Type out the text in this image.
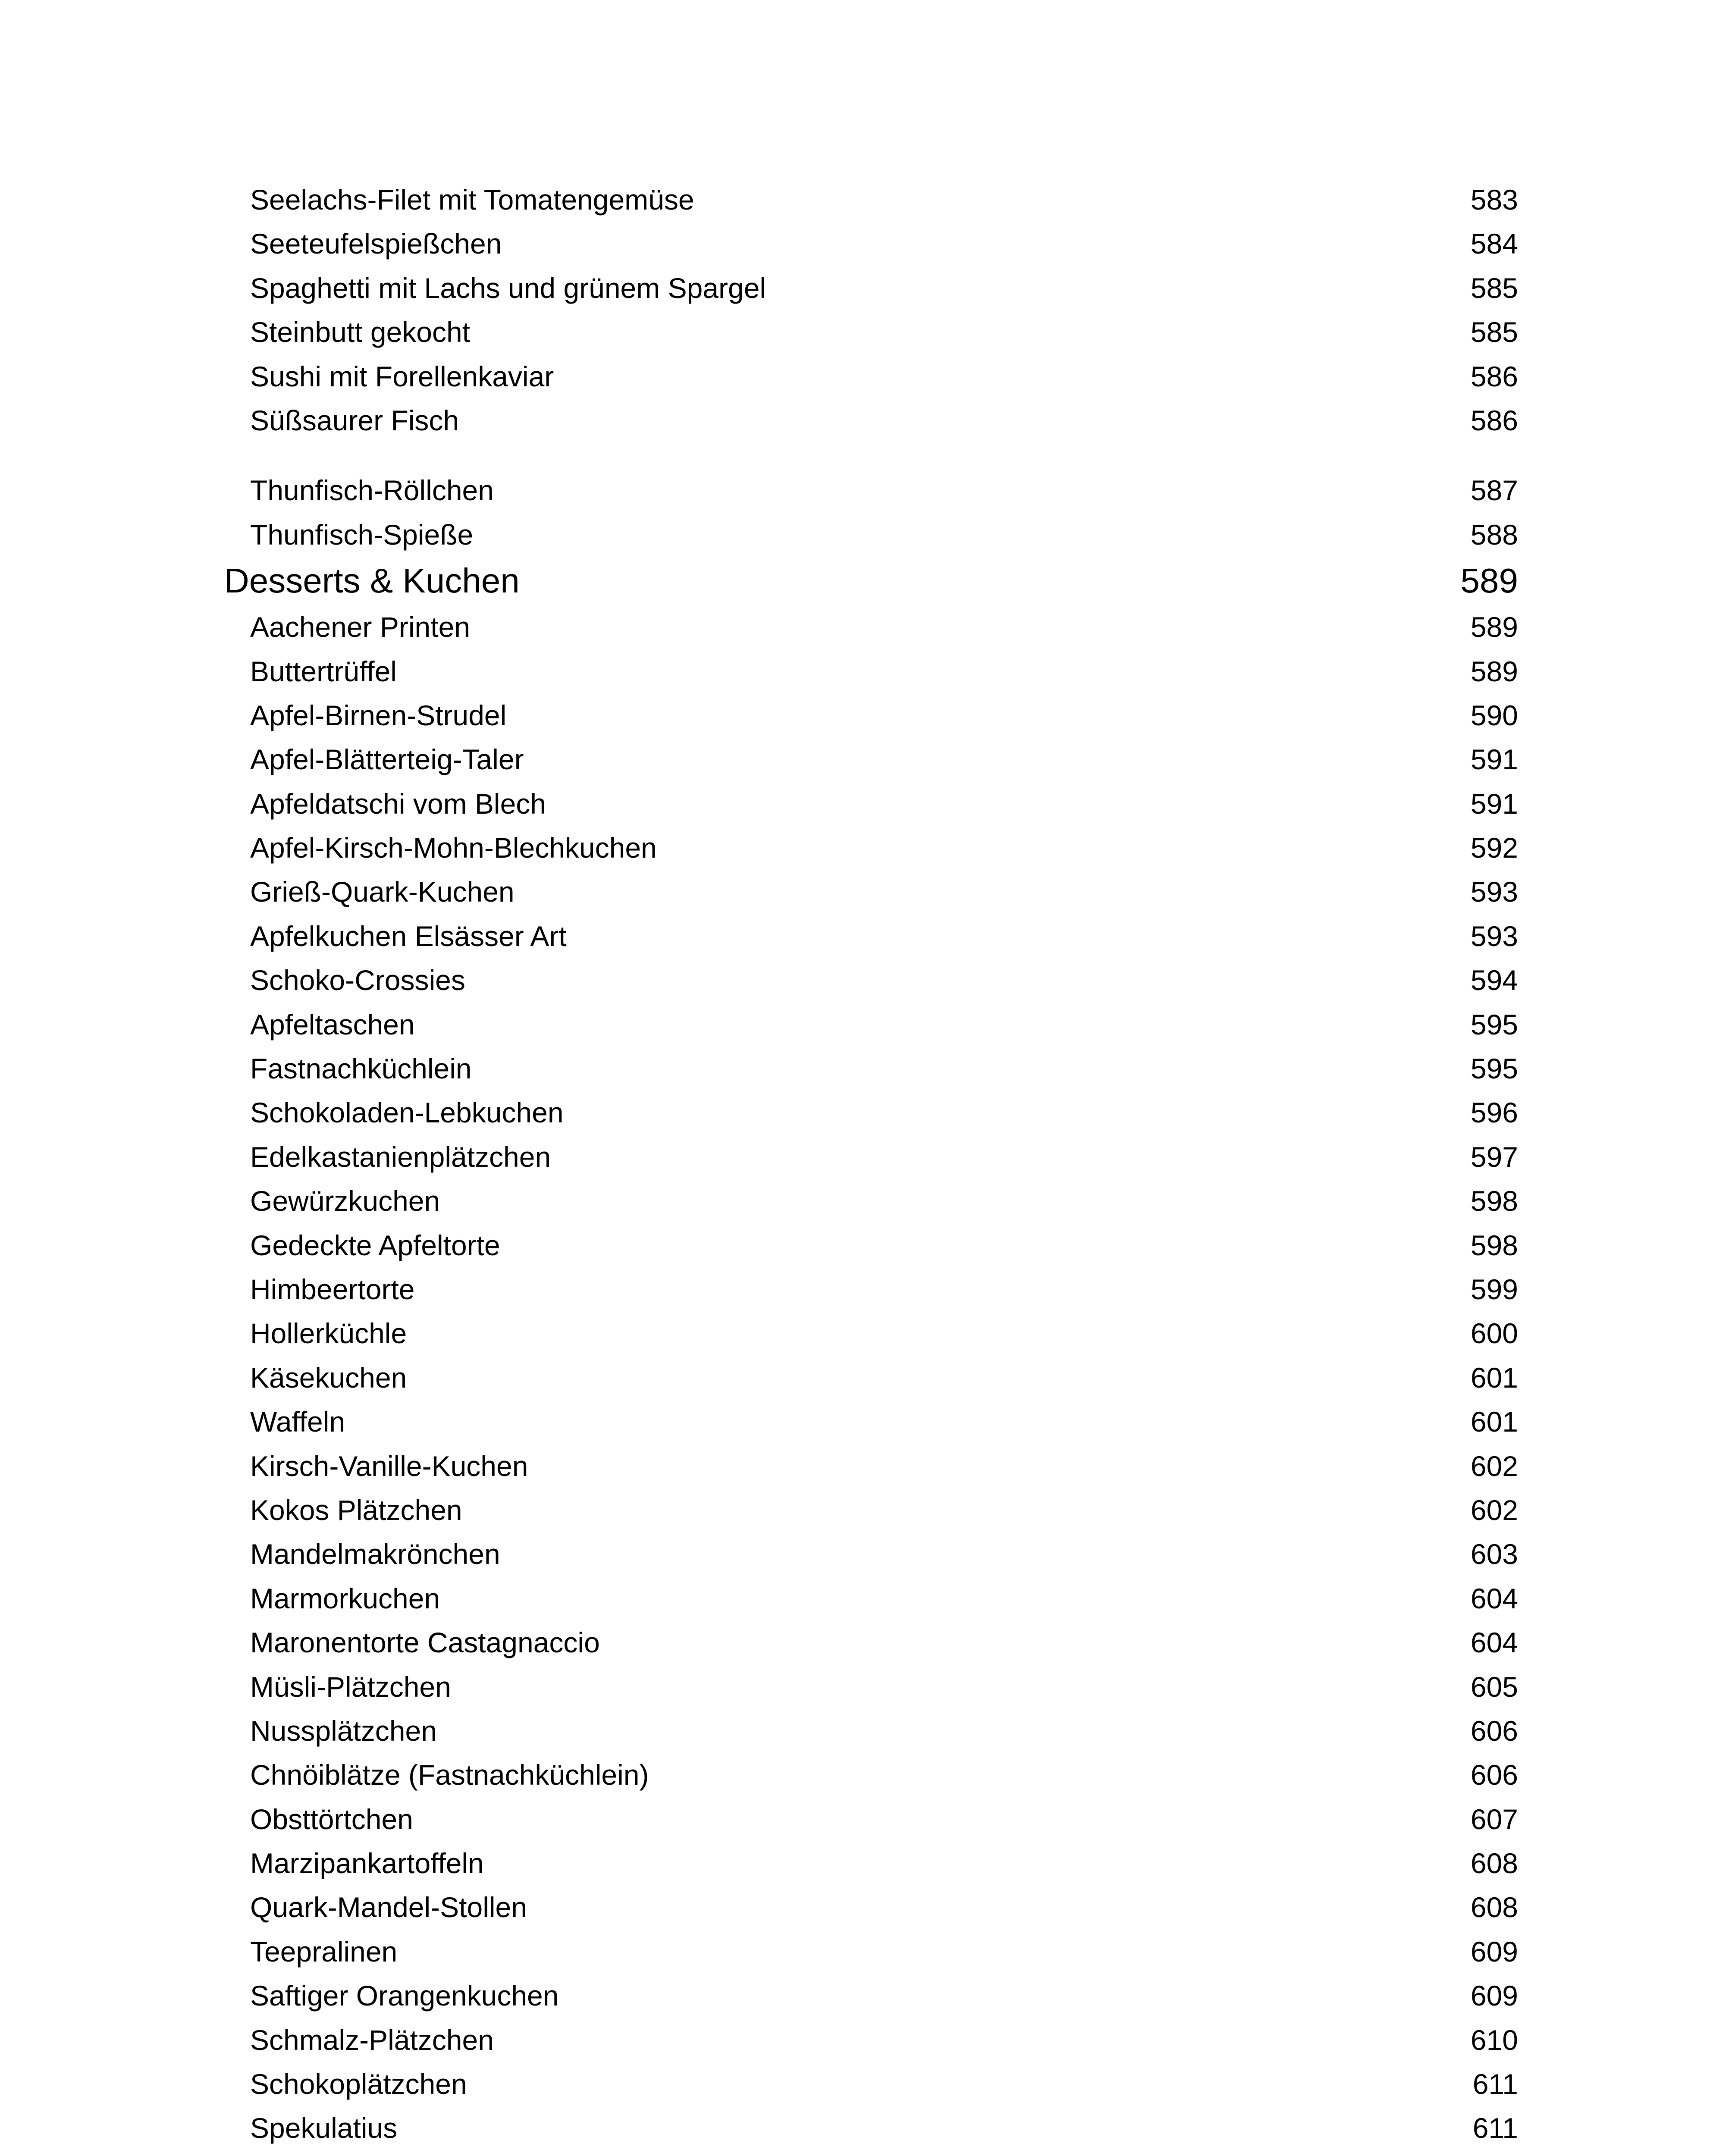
Seelachs-Filet mit Tomatengemüse	583
Seeteufelspießchen	584
Spaghetti mit Lachs und grünem Spargel	585
Steinbutt gekocht	585
Sushi mit Forellenkaviar	586
Süßsaurer Fisch	586
Thunfisch-Röllchen	587
Thunfisch-Spieße	588
Desserts & Kuchen	589
Aachener Printen	589
Buttertrüffel	589
Apfel-Birnen-Strudel	590
Apfel-Blätterteig-Taler	591
Apfeldatschi vom Blech	591
Apfel-Kirsch-Mohn-Blechkuchen	592
Grieß-Quark-Kuchen	593
Apfelkuchen Elsässer Art	593
Schoko-Crossies	594
Apfeltaschen	595
Fastnachküchlein	595
Schokoladen-Lebkuchen	596
Edelkastanienplätzchen	597
Gewürzkuchen	598
Gedeckte Apfeltorte	598
Himbeertorte	599
Hollerküchle	600
Käsekuchen	601
Waffeln	601
Kirsch-Vanille-Kuchen	602
Kokos Plätzchen	602
Mandelmakrönchen	603
Marmorkuchen	604
Maronentorte Castagnaccio	604
Müsli-Plätzchen	605
Nussplätzchen	606
Chnöiblätze (Fastnachküchlein)	606
Obsttörtchen	607
Marzipankartoffeln	608
Quark-Mandel-Stollen	608
Teepralinen	609
Saftiger Orangenkuchen	609
Schmalz-Plätzchen	610
Schokoplätzchen	611
Spekulatius	611
